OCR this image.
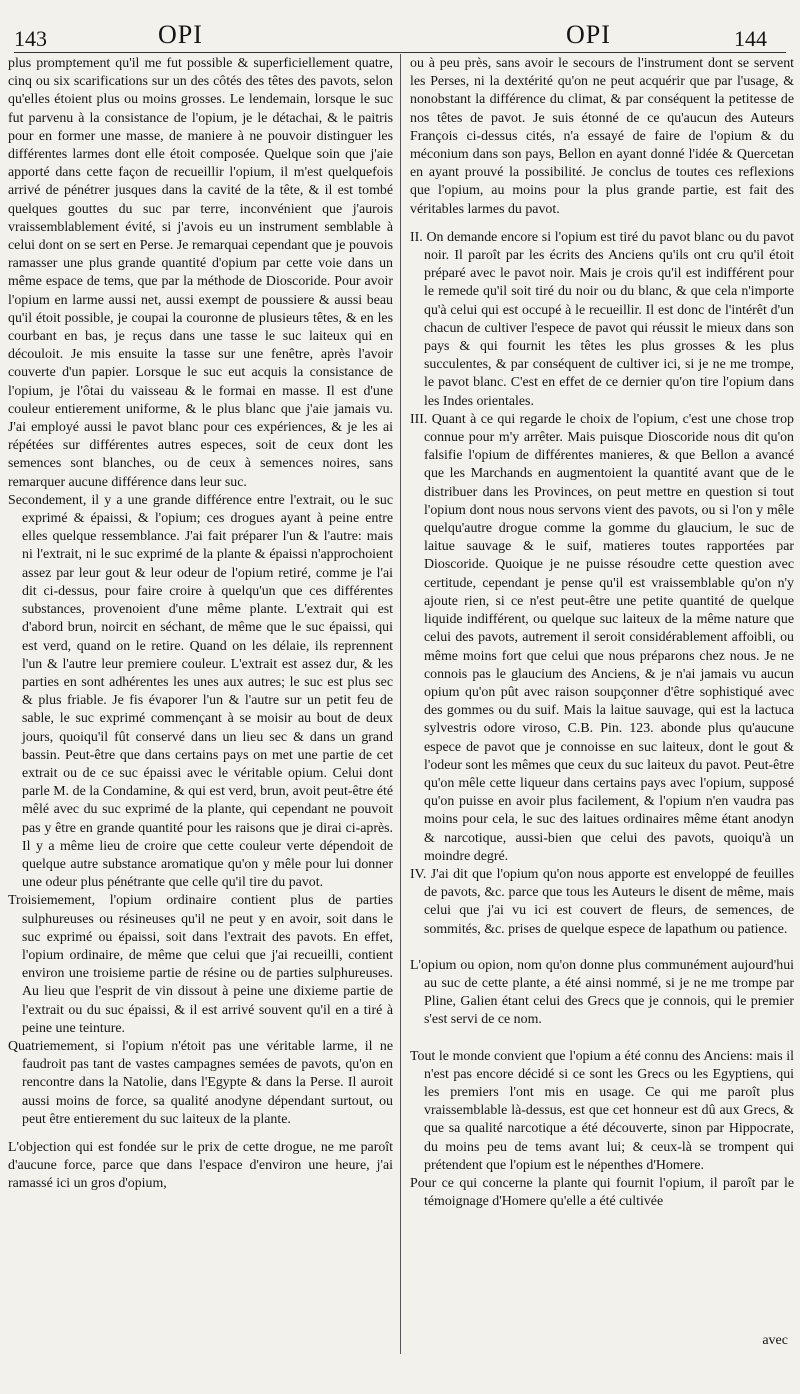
143	OPI	OPI	144

plus promptement qu'il me fut possible & superficiellement quatre, cinq ou six scarifications sur un des côtés des têtes des pavots, selon qu'elles étoient plus ou moins grosses. Le lendemain, lorsque le suc fut parvenu à la consistance de l'opium, je le détachai, & le paitris pour en former une masse, de maniere à ne pouvoir distinguer les différentes larmes dont elle étoit composée. Quelque soin que j'aie apporté dans cette façon de recueillir l'opium, il m'est quelquefois arrivé de pénétrer jusques dans la cavité de la tête, & il est tombé quelques gouttes du suc par terre, inconvénient que j'aurois vraissemblablement évité, si j'avois eu un instrument semblable à celui dont on se sert en Perse. Je remarquai cependant que je pouvois ramasser une plus grande quantité d'opium par cette voie dans un même espace de tems, que par la méthode de Dioscoride. Pour avoir l'opium en larme aussi net, aussi exempt de poussiere & aussi beau qu'il étoit possible, je coupai la couronne de plusieurs têtes, & en les courbant en bas, je reçus dans une tasse le suc laiteux qui en découloit. Je mis ensuite la tasse sur une fenêtre, après l'avoir couverte d'un papier. Lorsque le suc eut acquis la consistance de l'opium, je l'ôtai du vaisseau & le formai en masse. Il est d'une couleur entierement uniforme, & le plus blanc que j'aie jamais vu. J'ai employé aussi le pavot blanc pour ces expériences, & je les ai répétées sur différentes autres especes, soit de ceux dont les semences sont blanches, ou de ceux à semences noires, sans remarquer aucune différence dans leur suc.

Secondement, il y a une grande différence entre l'extrait, ou le suc exprimé & épaissi, & l'opium; ces drogues ayant à peine entre elles quelque ressemblance. J'ai fait préparer l'un & l'autre: mais ni l'extrait, ni le suc exprimé de la plante & épaissi n'approchoient assez par leur gout & leur odeur de l'opium retiré, comme je l'ai dit ci-dessus, pour faire croire à quelqu'un que ces différentes substances, provenoient d'une même plante. L'extrait qui est d'abord brun, noircit en séchant, de même que le suc épaissi, qui est verd, quand on le retire. Quand on les délaie, ils reprennent l'un & l'autre leur premiere couleur. L'extrait est assez dur, & les parties en sont adhérentes les unes aux autres; le suc est plus sec & plus friable. Je fis évaporer l'un & l'autre sur un petit feu de sable, le suc exprimé commençant à se moisir au bout de deux jours, quoiqu'il fût conservé dans un lieu sec & dans un grand bassin. Peut-être que dans certains pays on met une partie de cet extrait ou de ce suc épaissi avec le véritable opium. Celui dont parle M. de la Condamine, & qui est verd, brun, avoit peut-être été mêlé avec du suc exprimé de la plante, qui cependant ne pouvoit pas y être en grande quantité pour les raisons que je dirai ci-après. Il y a même lieu de croire que cette couleur verte dépendoit de quelque autre substance aromatique qu'on y mêle pour lui donner une odeur plus pénétrante que celle qu'il tire du pavot.

Troisiemement, l'opium ordinaire contient plus de parties sulphureuses ou résineuses qu'il ne peut y en avoir, soit dans le suc exprimé ou épaissi, soit dans l'extrait des pavots. En effet, l'opium ordinaire, de même que celui que j'ai recueilli, contient environ une troisieme partie de résine ou de parties sulphureuses. Au lieu que l'esprit de vin dissout à peine une dixieme partie de l'extrait ou du suc épaissi, & il est arrivé souvent qu'il en a tiré à peine une teinture.

Quatriemement, si l'opium n'étoit pas une véritable larme, il ne faudroit pas tant de vastes campagnes semées de pavots, qu'on en rencontre dans la Natolie, dans l'Egypte & dans la Perse. Il auroit aussi moins de force, sa qualité anodyne dépendant surtout, ou peut être entierement du suc laiteux de la plante.

L'objection qui est fondée sur le prix de cette drogue, ne me paroît d'aucune force, parce que dans l'espace d'environ une heure, j'ai ramassé ici un gros d'opium,

ou à peu près, sans avoir le secours de l'instrument dont se servent les Perses, ni la dextérité qu'on ne peut acquérir que par l'usage, & nonobstant la différence du climat, & par conséquent la petitesse de nos têtes de pavot. Je suis étonné de ce qu'aucun des Auteurs François ci-dessus cités, n'a essayé de faire de l'opium & du méconium dans son pays, Bellon en ayant donné l'idée & Quercetan en ayant prouvé la possibilité. Je conclus de toutes ces reflexions que l'opium, au moins pour la plus grande partie, est fait des véritables larmes du pavot.

II. On demande encore si l'opium est tiré du pavot blanc ou du pavot noir. Il paroît par les écrits des Anciens qu'ils ont cru qu'il étoit préparé avec le pavot noir. Mais je crois qu'il est indifférent pour le remede qu'il soit tiré du noir ou du blanc, & que cela n'importe qu'à celui qui est occupé à le recueillir. Il est donc de l'intérêt d'un chacun de cultiver l'espece de pavot qui réussit le mieux dans son pays & qui fournit les têtes les plus grosses & les plus succulentes, & par conséquent de cultiver ici, si je ne me trompe, le pavot blanc. C'est en effet de ce dernier qu'on tire l'opium dans les Indes orientales.

III. Quant à ce qui regarde le choix de l'opium, c'est une chose trop connue pour m'y arrêter. Mais puisque Dioscoride nous dit qu'on falsifie l'opium de différentes manieres, & que Bellon a avancé que les Marchands en augmentoient la quantité avant que de le distribuer dans les Provinces, on peut mettre en question si tout l'opium dont nous nous servons vient des pavots, ou si l'on y mêle quelqu'autre drogue comme la gomme du glaucium, le suc de laitue sauvage & le suif, matieres toutes rapportées par Dioscoride. Quoique je ne puisse résoudre cette question avec certitude, cependant je pense qu'il est vraissemblable qu'on n'y ajoute rien, si ce n'est peut-être une petite quantité de quelque liquide indifférent, ou quelque suc laiteux de la même nature que celui des pavots, autrement il seroit considérablement affoibli, ou même moins fort que celui que nous préparons chez nous. Je ne connois pas le glaucium des Anciens, & je n'ai jamais vu aucun opium qu'on pût avec raison soupçonner d'être sophistiqué avec des gommes ou du suif. Mais la laitue sauvage, qui est la lactuca sylvestris odore viroso, C.B. Pin. 123. abonde plus qu'aucune espece de pavot que je connoisse en suc laiteux, dont le gout & l'odeur sont les mêmes que ceux du suc laiteux du pavot. Peut-être qu'on mêle cette liqueur dans certains pays avec l'opium, supposé qu'on puisse en avoir plus facilement, & l'opium n'en vaudra pas moins pour cela, le suc des laitues ordinaires même étant anodyn & narcotique, aussi-bien que celui des pavots, quoiqu'à un moindre degré.

IV. J'ai dit que l'opium qu'on nous apporte est enveloppé de feuilles de pavots, &c. parce que tous les Auteurs le disent de même, mais celui que j'ai vu ici est couvert de fleurs, de semences, de sommités, &c. prises de quelque espece de lapathum ou patience.

L'opium ou opion, nom qu'on donne plus communément aujourd'hui au suc de cette plante, a été ainsi nommé, si je ne me trompe par Pline, Galien étant celui des Grecs que je connois, qui le premier s'est servi de ce nom.

Tout le monde convient que l'opium a été connu des Anciens: mais il n'est pas encore décidé si ce sont les Grecs ou les Egyptiens, qui les premiers l'ont mis en usage. Ce qui me paroît plus vraissemblable là-dessus, est que cet honneur est dû aux Grecs, & que sa qualité narcotique a été découverte, sinon par Hippocrate, du moins peu de tems avant lui; & ceux-là se trompent qui prétendent que l'opium est le népenthes d'Homere.

Pour ce qui concerne la plante qui fournit l'opium, il paroît par le témoignage d'Homere qu'elle a été cultivée

avec
